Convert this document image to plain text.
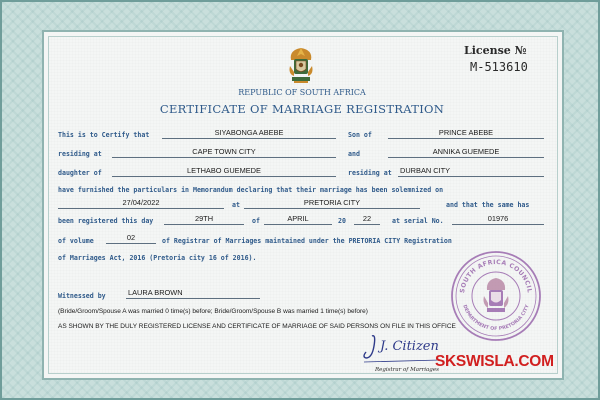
REPUBLIC OF SOUTH AFRICA
CERTIFICATE OF MARRIAGE REGISTRATION
License №
M-513610
This is to Certify that	SIYABONGA ABEBE	Son of	PRINCE ABEBE
residing at	CAPE TOWN CITY	and	ANNIKA GUEMEDE
daughter of	LETHABO GUEMEDE	residing at DURBAN CITY
have furnished the particulars in Memorandum declaring that their marriage has been solemnized on
27/04/2022	at	PRETORIA CITY	and that the same has
been registered this day	29TH	of	APRIL	20	22	at serial No.	01976
of volume	02	of Registrar of Marriages maintained under the PRETORIA CITY Registration
of Marriages Act, 2016 (Pretoria city 16 of 2016).
Witnessed by	LAURA BROWN
(Bride/Groom/Spouse A was married 0 time(s) before; Bride/Groom/Spouse B was married 1 time(s) before)
AS SHOWN BY THE DULY REGISTERED LICENSE AND CERTIFICATE OF MARRIAGE OF SAID PERSONS ON FILE IN THIS OFFICE
SOUTH AFRICA COUNCIL
DEPARTMENT OF PRETORIA CITY
J. Citizen
Registrar of Marriages
SKSWISLA.COM
